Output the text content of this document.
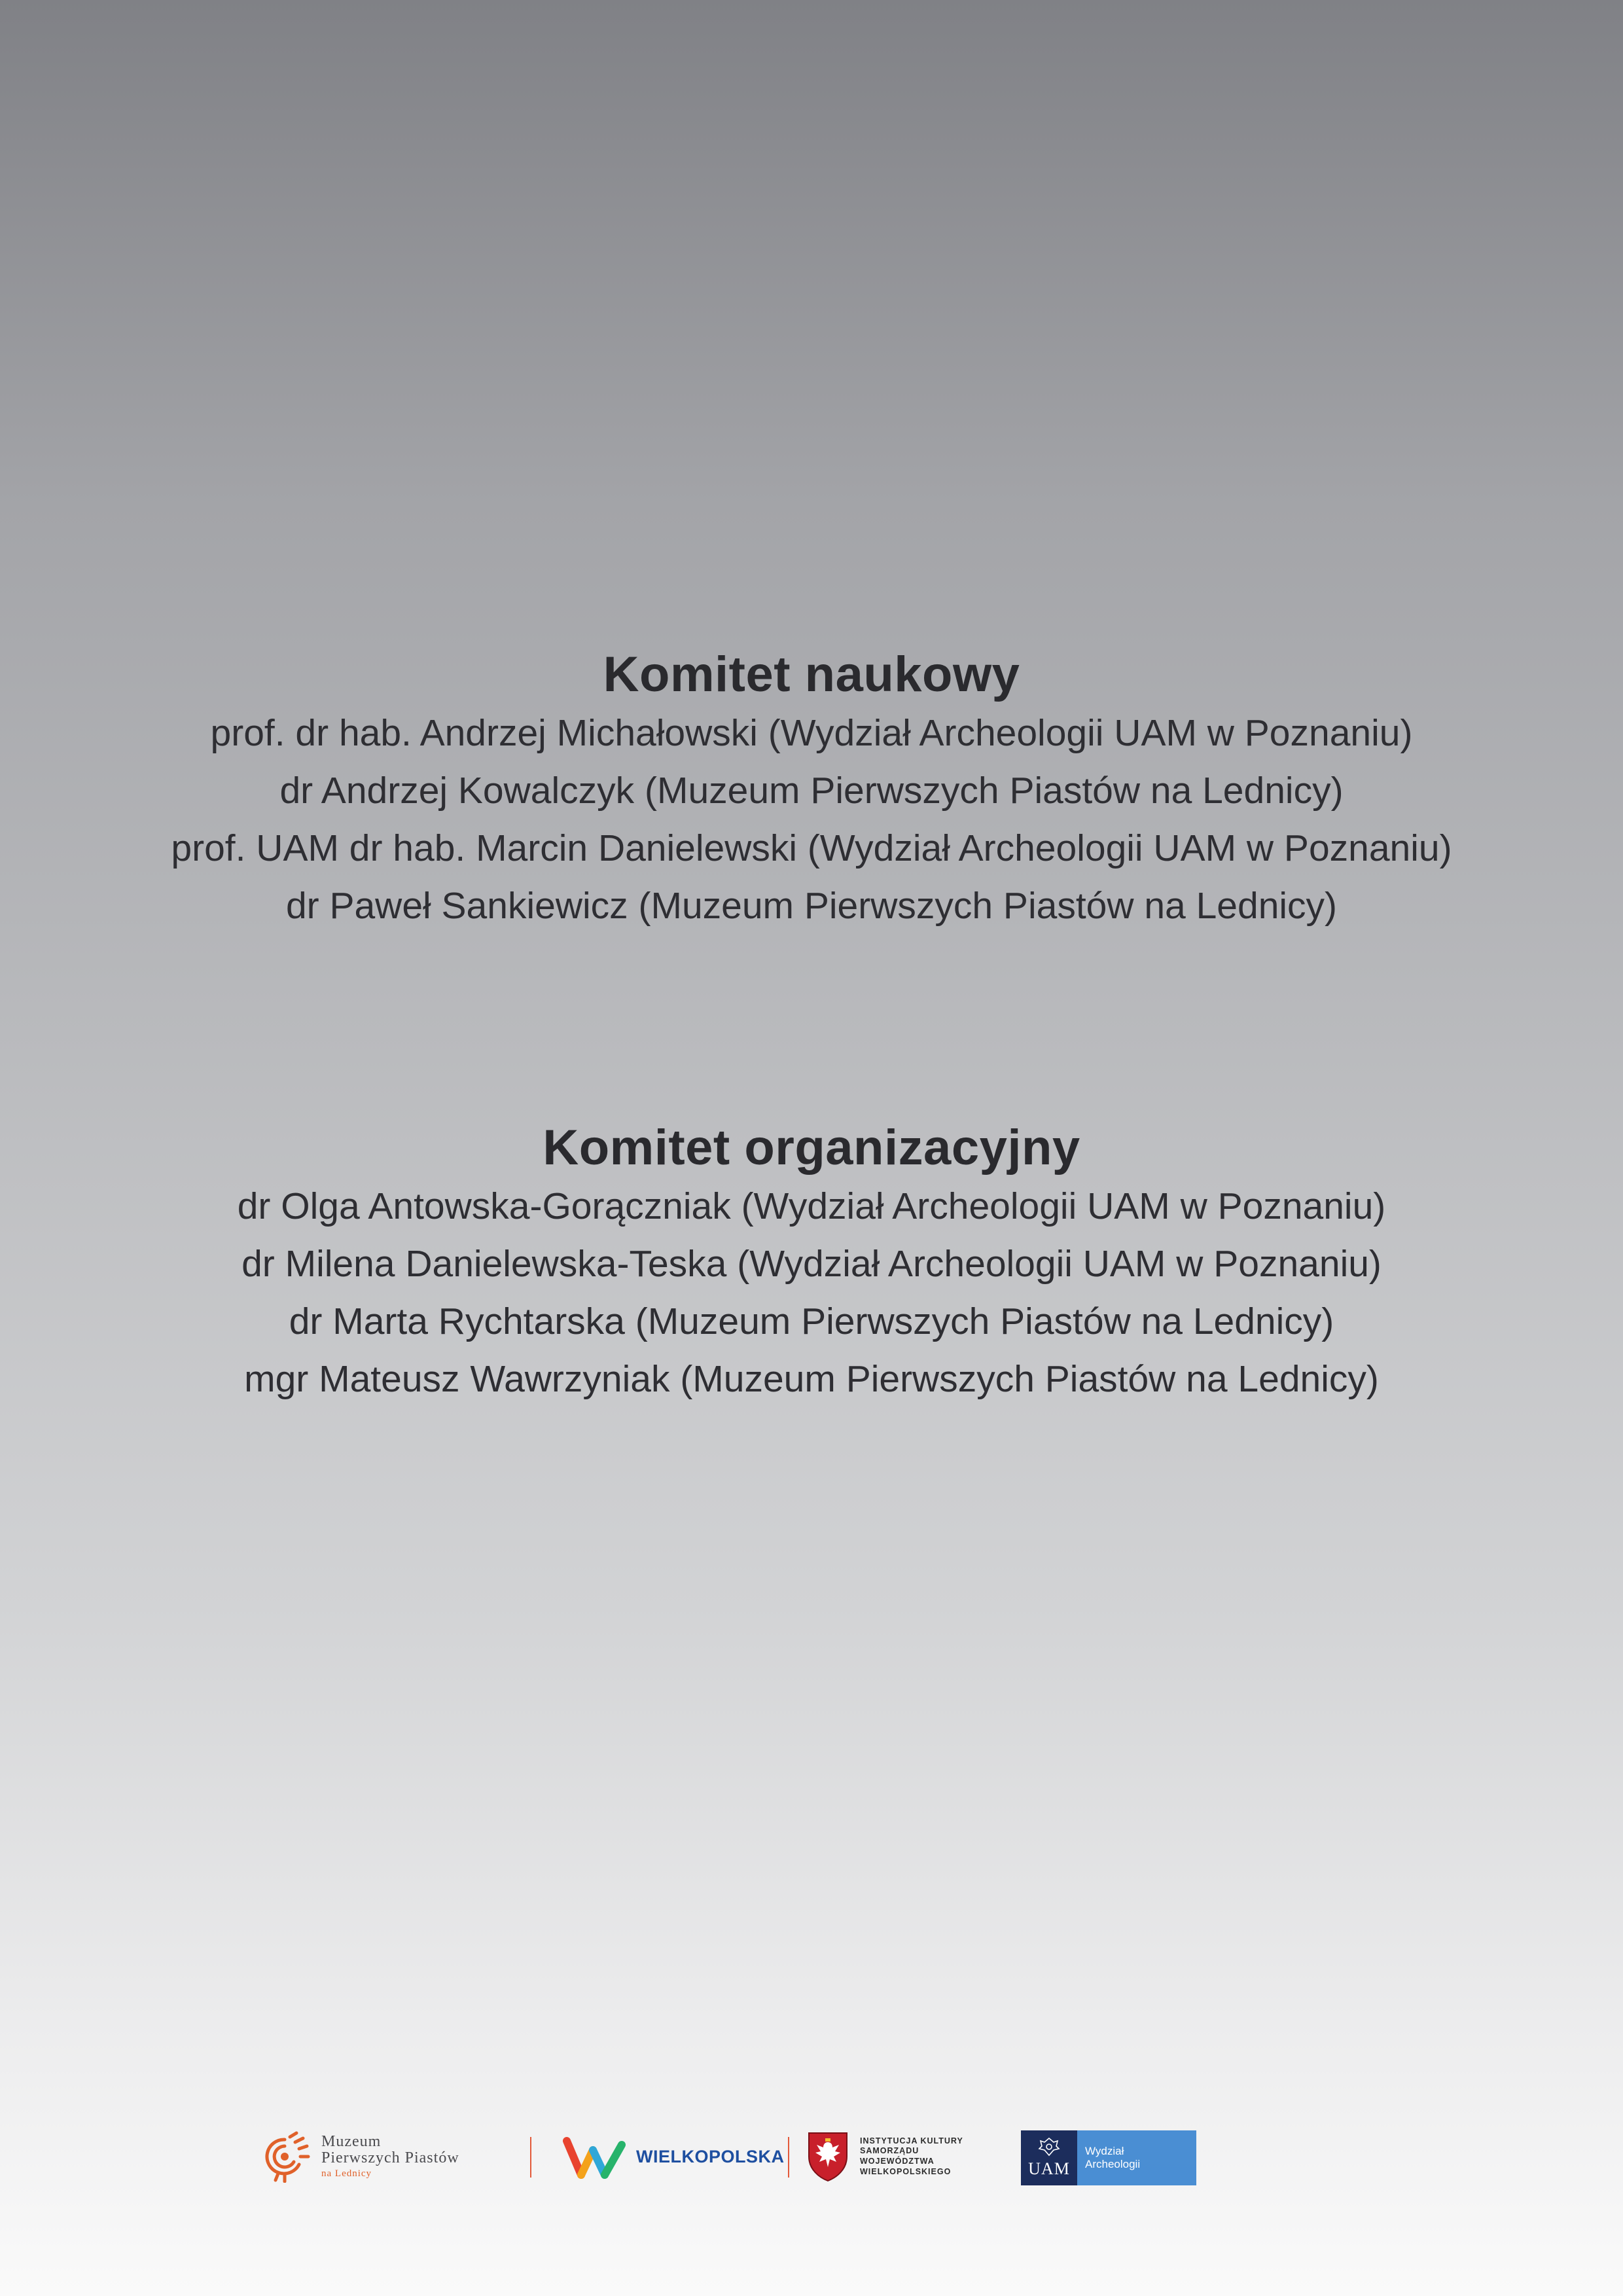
Komitet naukowy

prof. dr hab. Andrzej Michałowski (Wydział Archeologii UAM w Poznaniu)

dr Andrzej Kowalczyk (Muzeum Pierwszych Piastów na Lednicy)

prof. UAM dr hab. Marcin Danielewski (Wydział Archeologii UAM w Poznaniu)

dr Paweł Sankiewicz (Muzeum Pierwszych Piastów na Lednicy)

Komitet organizacyjny

dr Olga Antowska-Gorączniak (Wydział Archeologii UAM w Poznaniu)

dr Milena Danielewska-Teska (Wydział Archeologii UAM w Poznaniu)

dr Marta Rychtarska (Muzeum Pierwszych Piastów na Lednicy)

mgr Mateusz Wawrzyniak (Muzeum Pierwszych Piastów na Lednicy)

Muzeum
Pierwszych Piastów
na Lednicy
WIELKOPOLSKA
INSTYTUCJA KULTURY
SAMORZĄDU
WOJEWÓDZTWA
WIELKOPOLSKIEGO	UAM
Wydział
Archeologii
